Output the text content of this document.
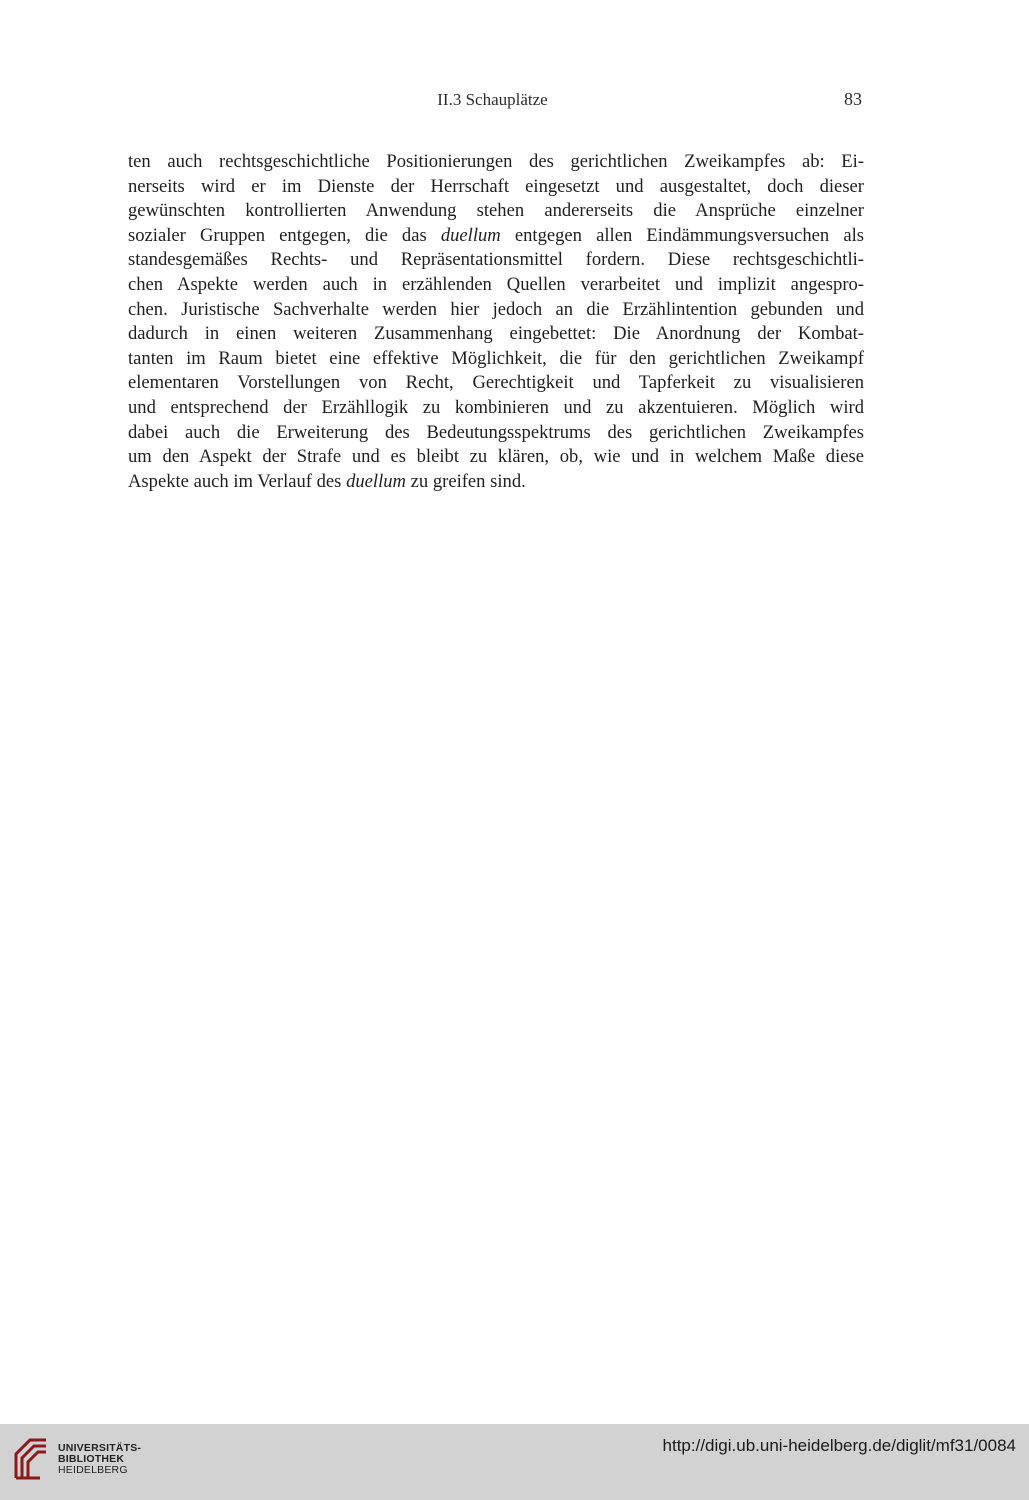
II.3 Schauplätze	83
ten auch rechtsgeschichtliche Positionierungen des gerichtlichen Zweikampfes ab: Ei-
nerseits wird er im Dienste der Herrschaft eingesetzt und ausgestaltet, doch dieser
gewünschten kontrollierten Anwendung stehen andererseits die Ansprüche einzelner
sozialer Gruppen entgegen, die das duellum entgegen allen Eindämmungsversuchen als
standesgemäßes Rechts- und Repräsentationsmittel fordern. Diese rechtsgeschichtli-
chen Aspekte werden auch in erzählenden Quellen verarbeitet und implizit angespro-
chen. Juristische Sachverhalte werden hier jedoch an die Erzählintention gebunden und
dadurch in einen weiteren Zusammenhang eingebettet: Die Anordnung der Kombat-
tanten im Raum bietet eine effektive Möglichkeit, die für den gerichtlichen Zweikampf
elementaren Vorstellungen von Recht, Gerechtigkeit und Tapferkeit zu visualisieren
und entsprechend der Erzähllogik zu kombinieren und zu akzentuieren. Möglich wird
dabei auch die Erweiterung des Bedeutungsspektrums des gerichtlichen Zweikampfes
um den Aspekt der Strafe und es bleibt zu klären, ob, wie und in welchem Maße diese
Aspekte auch im Verlauf des duellum zu greifen sind.
UNIVERSITÄTS-
BIBLIOTHEK
HEIDELBERG
http://digi.ub.uni-heidelberg.de/diglit/mf31/0084
